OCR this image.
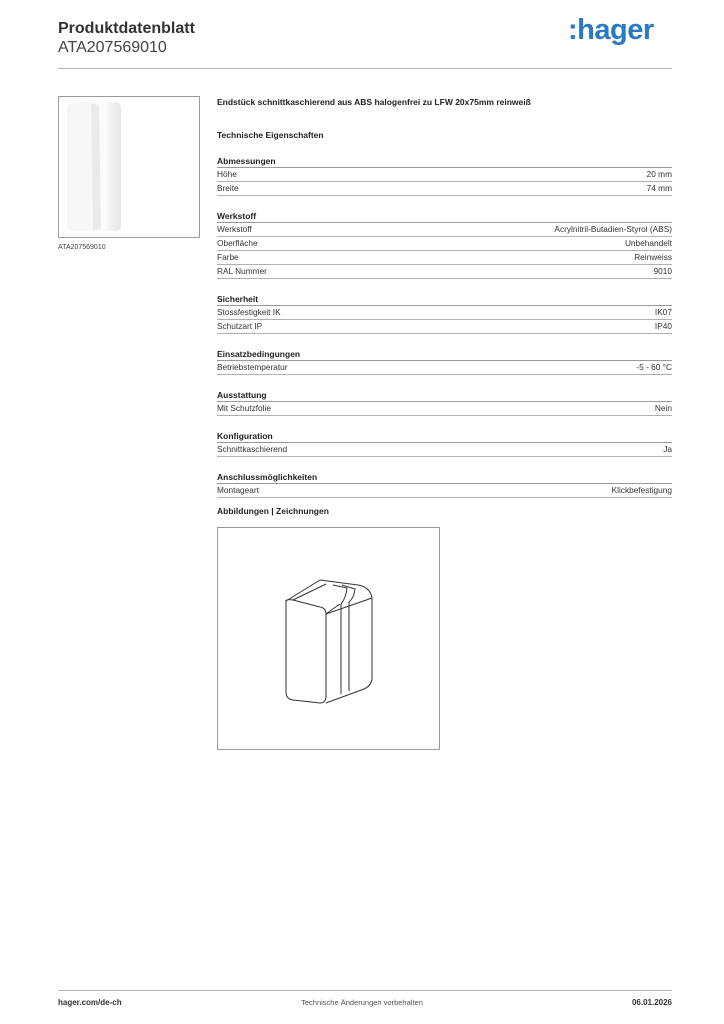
Produktdatenblatt
ATA207569010
:hager
ATA207569010
Endstück schnittkaschierend aus ABS halogenfrei zu LFW 20x75mm reinweiß
Technische Eigenschaften
Abmessungen
Höhe	20 mm
Breite	74 mm
Werkstoff
Werkstoff	Acrylnitril-Butadien-Styrol (ABS)
Oberfläche	Unbehandelt
Farbe	Reinweiss
RAL Nummer	9010
Sicherheit
Stossfestigkeit IK	IK07
Schutzart IP	IP40
Einsatzbedingungen
Betriebstemperatur	-5 - 60 °C
Ausstattung
Mit Schutzfolie	Nein
Konfiguration
Schnittkaschierend	Ja
Anschlussmöglichkeiten
Montageart	Klickbefestigung
Abbildungen | Zeichnungen
hager.com/de-ch	Technische Änderungen vorbehalten	06.01.2026
